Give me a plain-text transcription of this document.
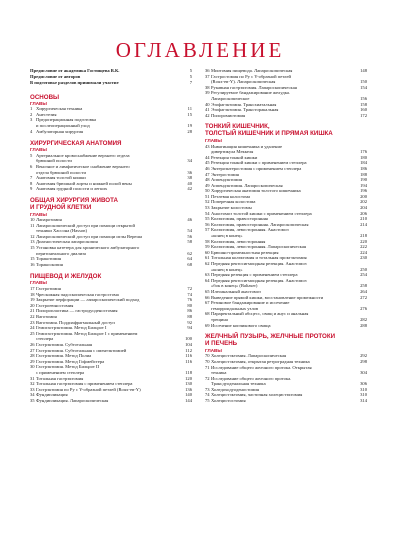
ОГЛАВЛЕНИЕ
Предисловие от академика Гостищева В.К.	5
Предисловие от авторов	5
В подготовке разделов принимали участие	7
ОСНОВЫ
ГЛАВЫ
1 Хирургическая техника	11
2 Анестезия	15
3 Предоперационная подготовка
и послеоперационный уход	19
4 Амбулаторная хирургия	28
ХИРУРГИЧЕСКАЯ АНАТОМИЯ
ГЛАВЫ
5 Артериальное кровоснабжение верхнего отдела
брюшной полости	34
6 Венозное и лимфатическое снабжение верхнего
отдела брюшной полости	36
7 Анатомия толстой кишки	38
8 Анатомия брюшной аорты и нижней полой вены	40
9 Анатомия грудной полости и легких	42
ОБЩАЯ ХИРУРГИЯ ЖИВОТА
И ГРУДНОЙ КЛЕТКИ
ГЛАВЫ
10 Лапаротомия	46
11 Лапароскопический доступ при помощи открытой
техники Хассона (Hasson)	54
12 Лапароскопический доступ при помощи иглы Вереша	56
13 Диагностическая лапароскопия	58
15 Установка катетера для хронического амбулаторного
перитонеального диализа	62
15 Торакотомия	64
16 Торакоскопия	68
ПИЩЕВОД И ЖЕЛУДОК
ГЛАВЫ
17 Гастротомия	72
18 Чрескожная эндоскопическая гастростома	74
19 Закрытие перфорации — лапароскопический подход	76
20 Гастроеюностомия	80
21 Пилоропластика — гастродуоденостомия	86
22 Ваготомия	88
23 Ваготомия. Поддиафрагмальный доступ	92
24 Гемигастрэктомия. Метод Бильрот I	94
25 Гемигастрэктомия. Метод Бильрот I с применением
степлера	100
26 Гастрэктомия. Субтотальная	104
27 Гастрэктомия. Субтотальная с оментэктомией	112
28 Гастрэктомия. Метод Полиа	116
29 Гастрэктомия. Метод Гофмейстера	116
30 Гастрэктомия. Метод Бильрот II
с применением степлера	118
31 Тотальная гастрэктомия	120
32 Тотальная гастрэктомия с применением степлера	130
33 Гастрэктомия по Ру с Y-образной петлей (Roux-en-Y)	136
34 Фундипликация	140
35 Фундипликация. Лапароскопическая	144
36 Миотомия пищевода. Лапароскопическая	148
37 Гастростомия по Ру с Y-образной петлей
(Roux-en-Y). Лапароскопическая	150
38 Рукавная гастрэктомия. Лапароскопическая	154
39 Регулируемое бандажирование желудка.
Лапароскопическое	156
40 Эзофагэктомия. Трансхиатальная	158
41 Эзофагэктомия. Трансторакальная	160
42 Пилоромиотомия	172
ТОНКИЙ КИШЕЧНИК,
ТОЛСТЫЙ КИШЕЧНИК И ПРЯМАЯ КИШКА
ГЛАВЫ
43 Инвагинация кишечника и удаление
дивертикула Меккеля	176
44 Резекция тонкой кишки	180
45 Резекция тонкой кишки с применением степлера	184
46 Энтероэнтеростомия с применением степлера	186
47 Энтеростомия	188
48 Аппендэктомия	190
49 Аппендэктомия. Лапароскопическая	194
50 Хирургическая анатомия толстого кишечника	196
51 Петлевая колостома	200
52 Поперечная колостома	202
53 Закрытие колостомы	204
54 Анастомоз толстой кишки с применением степлера	206
55 Колэктомия, правосторонняя	210
56 Колэктомия, правосторонняя. Лапароскопическая	214
57 Колэктомия, левосторонняя. Анастомоз
«конец в конец»	218
58 Колэктомия, левосторонняя	220
59 Колэктомия, левосторонняя. Лапароскопическая	222
60 Брюшно-промежностная резекция	224
61 Тотальная колэктомия и тотальная проктэктомия	230
62 Передняя ректосигмоидная резекция. Анастомоз
«конец в конец»	250
63 Передняя резекция с применением степлера	254
64 Передняя ректосигмоидная резекция. Анастомоз
«бок в конец» (Baltaser)	258
65 Илеоанальный анастомоз	264
66 Выведение прямой кишки, восстановление промежности	272
67 Резиновое бандажирование и иссечение
геморроидальных узлов	276
68 Параректальный абсцесс, свищ и анус и анальная
трещина	282
69 Иссечение копчикового свища	288
ЖЕЛЧНЫЙ ПУЗЫРЬ, ЖЕЛЧНЫЕ ПРОТОКИ
И ПЕЧЕНЬ
ГЛАВЫ
70 Холецистэктомия. Лапароскопическая	292
70 Холецистэктомия, открытая ретроградная техника	298
71 Исследование общего желчного протока. Открытая
техника	304
72 Исследование общего желчного протока.
Трансдуоденальная техника	306
73 Холедоходуоденостомия	310
74 Холецистэктомия, частичная холецистэктомия	310
75 Холецистостомия	314
